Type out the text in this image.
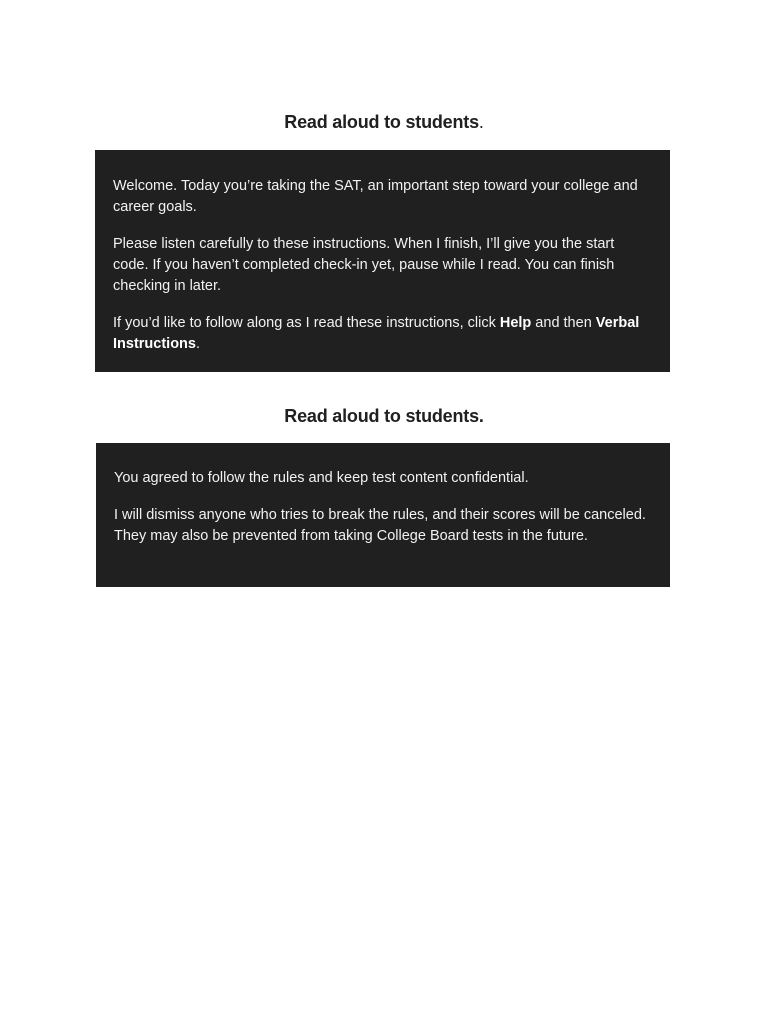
Read aloud to students.

Welcome. Today you’re taking the SAT, an important step toward your college and career goals.

Please listen carefully to these instructions. When I finish, I’ll give you the start code. If you haven’t completed check-in yet, pause while I read. You can finish checking in later.

If you’d like to follow along as I read these instructions, click Help and then Verbal Instructions.

Read aloud to students.

You agreed to follow the rules and keep test content confidential.

I will dismiss anyone who tries to break the rules, and their scores will be canceled. They may also be prevented from taking College Board tests in the future.
